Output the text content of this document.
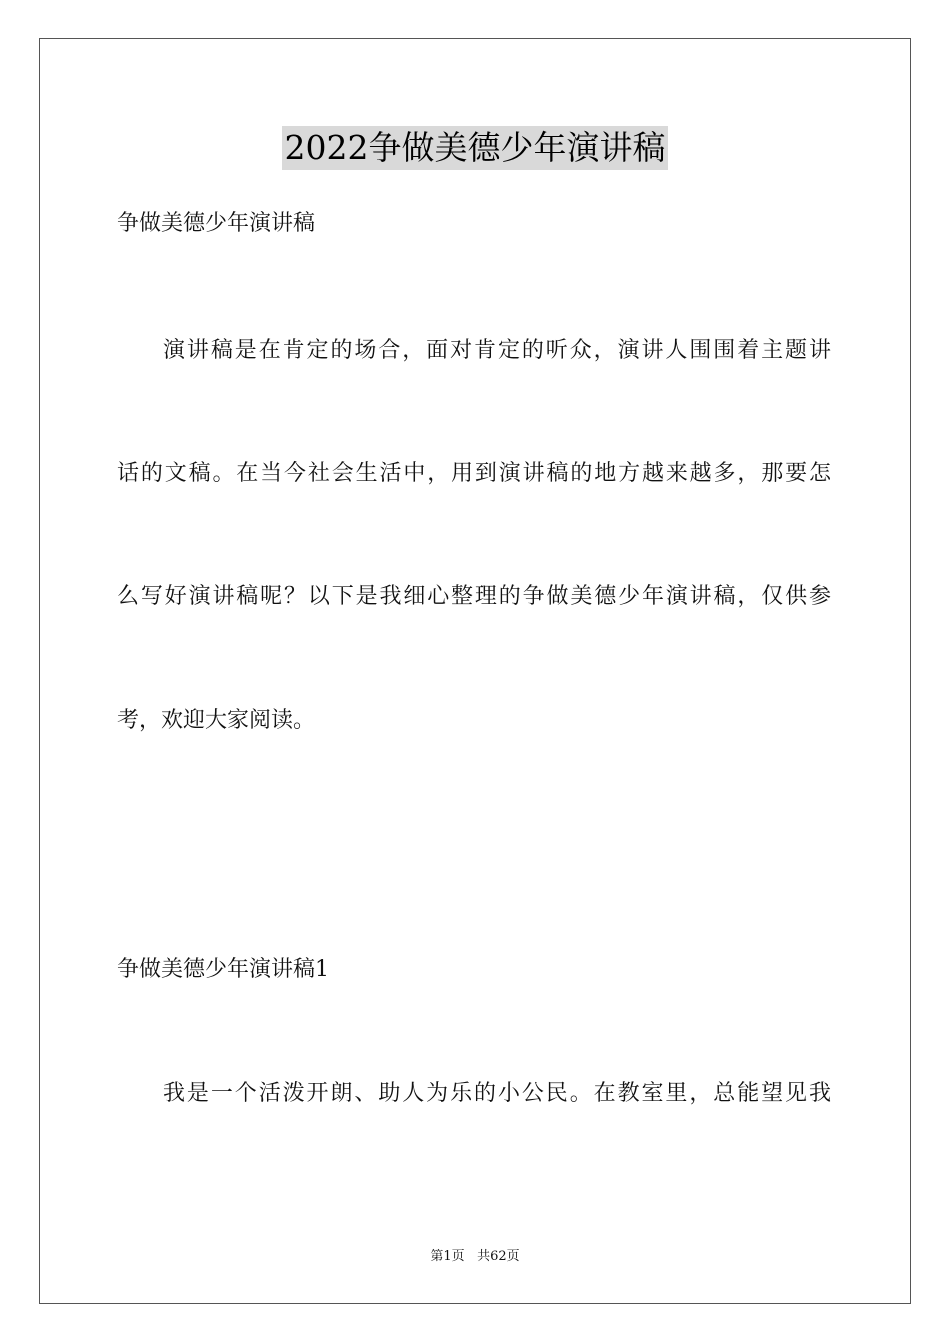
2022争做美德少年演讲稿
争做美德少年演讲稿
演讲稿是在肯定的场合，面对肯定的听众，演讲人围围着主题讲
话的文稿。在当今社会生活中，用到演讲稿的地方越来越多，那要怎
么写好演讲稿呢？以下是我细心整理的争做美德少年演讲稿，仅供参
考，欢迎大家阅读。
争做美德少年演讲稿1
我是一个活泼开朗、助人为乐的小公民。在教室里，总能望见我
第1页 共62页
